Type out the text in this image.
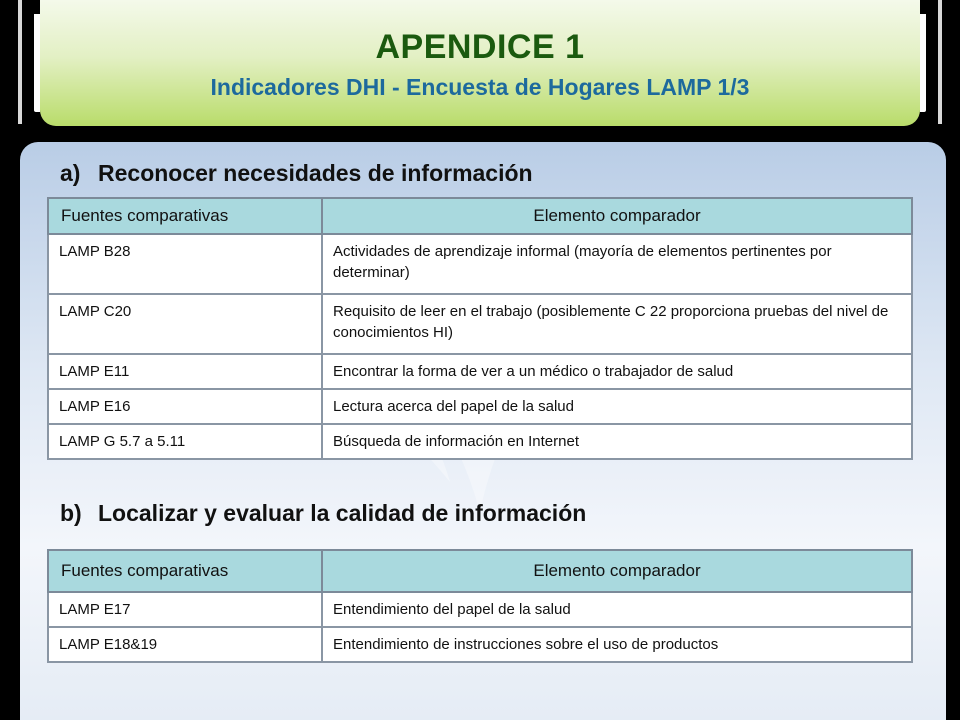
APENDICE 1
Indicadores DHI - Encuesta de Hogares LAMP 1/3
a) Reconocer necesidades de información
Fuentes comparativas	Elemento comparador
LAMP B28	Actividades de aprendizaje informal (mayoría de elementos pertinentes por determinar)
LAMP C20	Requisito de leer en el trabajo (posiblemente C 22 proporciona pruebas del nivel de conocimientos HI)
LAMP E11	Encontrar la forma de ver a un médico o trabajador de salud
LAMP E16	Lectura acerca del papel de la salud
LAMP G 5.7 a 5.11	Búsqueda de información en Internet
b) Localizar y evaluar la calidad de información
Fuentes comparativas	Elemento comparador
LAMP E17	Entendimiento del papel de la salud
LAMP E18&19	Entendimiento de instrucciones sobre el uso de productos
